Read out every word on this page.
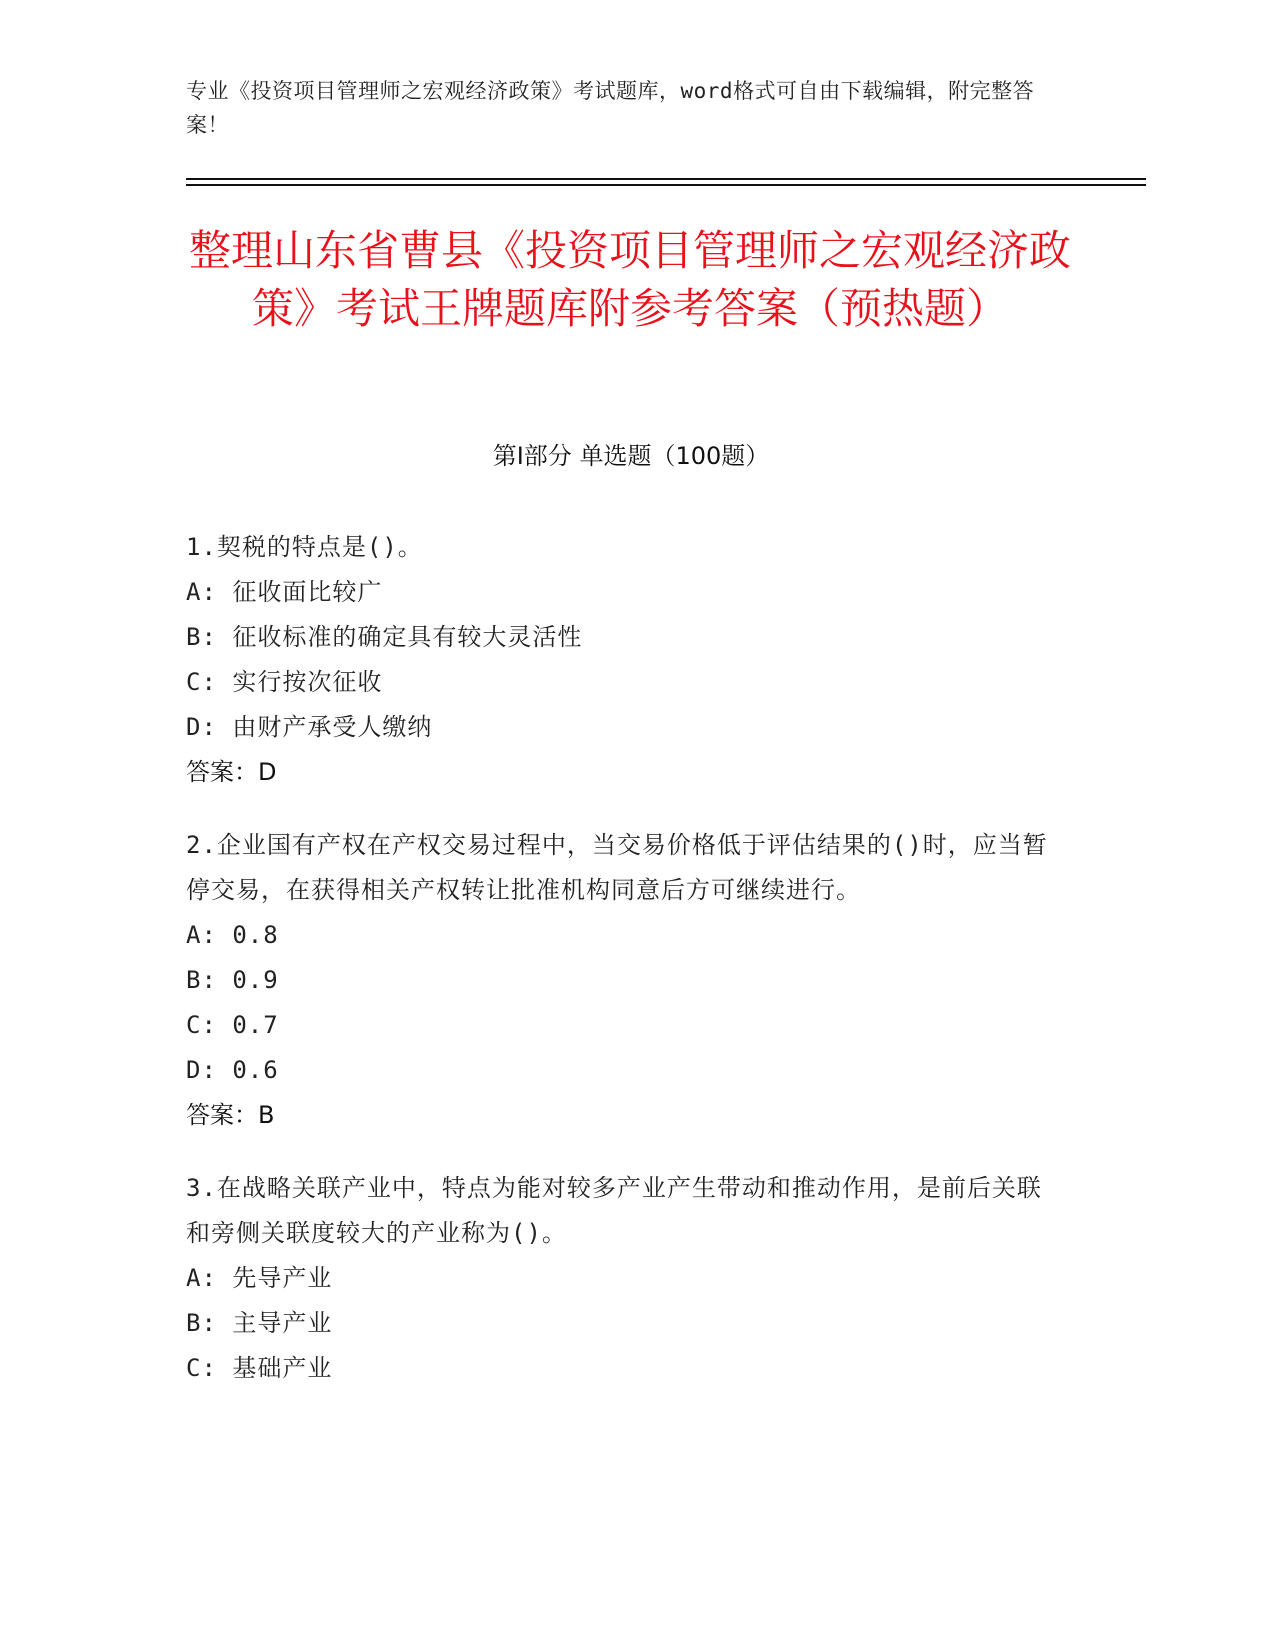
专业《投资项目管理师之宏观经济政策》考试题库，word格式可自由下载编辑，附完整答案！
整理山东省曹县《投资项目管理师之宏观经济政策》考试王牌题库附参考答案（预热题）
第I部分 单选题（100题）
1.契税的特点是()。
A: 征收面比较广
B: 征收标准的确定具有较大灵活性
C: 实行按次征收
D: 由财产承受人缴纳
答案：D
2.企业国有产权在产权交易过程中，当交易价格低于评估结果的()时，应当暂停交易，在获得相关产权转让批准机构同意后方可继续进行。
A: 0.8
B: 0.9
C: 0.7
D: 0.6
答案：B
3.在战略关联产业中，特点为能对较多产业产生带动和推动作用，是前后关联和旁侧关联度较大的产业称为()。
A: 先导产业
B: 主导产业
C: 基础产业
